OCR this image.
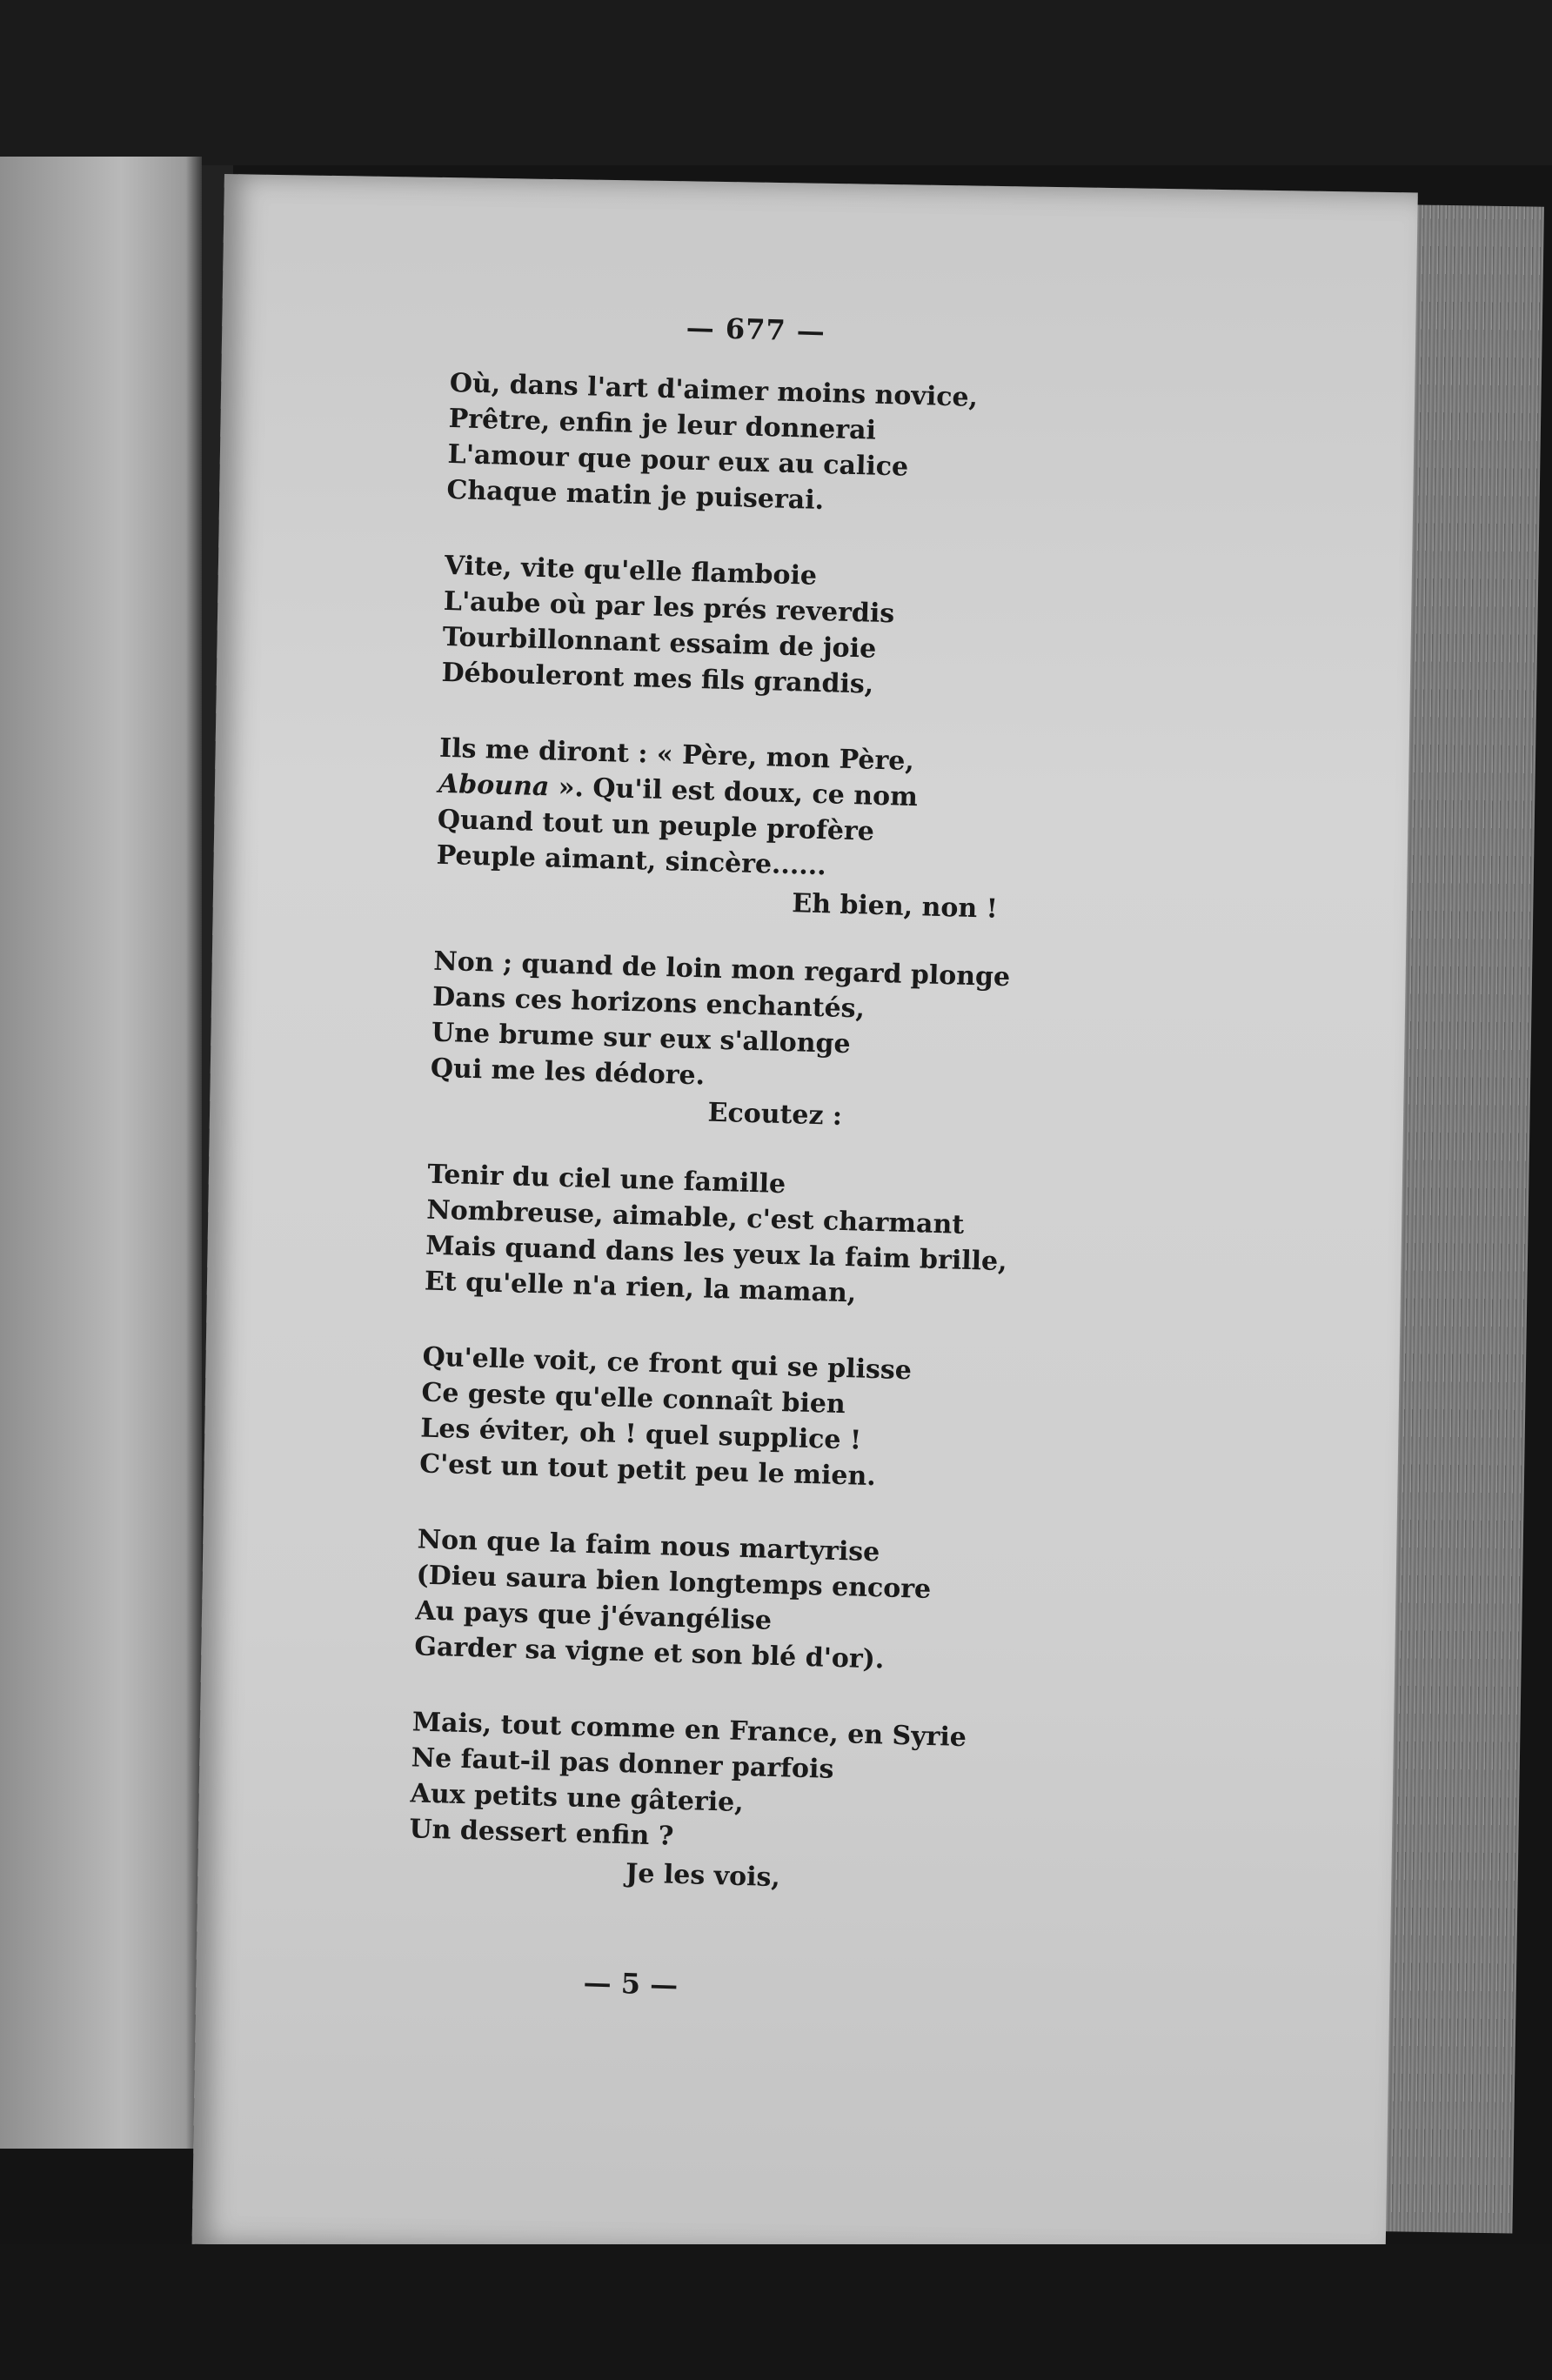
— 677 —
Où, dans l'art d'aimer moins novice,
Prêtre, enfin je leur donnerai
L'amour que pour eux au calice
Chaque matin je puiserai.
Vite, vite qu'elle flamboie
L'aube où par les prés reverdis
Tourbillonnant essaim de joie
Débouleront mes fils grandis,
Ils me diront : « Père, mon Père,
Abouna ». Qu'il est doux, ce nom
Quand tout un peuple profère
Peuple aimant, sincère......
Eh bien, non !
Non ; quand de loin mon regard plonge
Dans ces horizons enchantés,
Une brume sur eux s'allonge
Qui me les dédore.
Ecoutez :
Tenir du ciel une famille
Nombreuse, aimable, c'est charmant
Mais quand dans les yeux la faim brille,
Et qu'elle n'a rien, la maman,
Qu'elle voit, ce front qui se plisse
Ce geste qu'elle connaît bien
Les éviter, oh ! quel supplice !
C'est un tout petit peu le mien.
Non que la faim nous martyrise
(Dieu saura bien longtemps encore
Au pays que j'évangélise
Garder sa vigne et son blé d'or).
Mais, tout comme en France, en Syrie
Ne faut-il pas donner parfois
Aux petits une gâterie,
Un dessert enfin ?
Je les vois,
— 5 —
